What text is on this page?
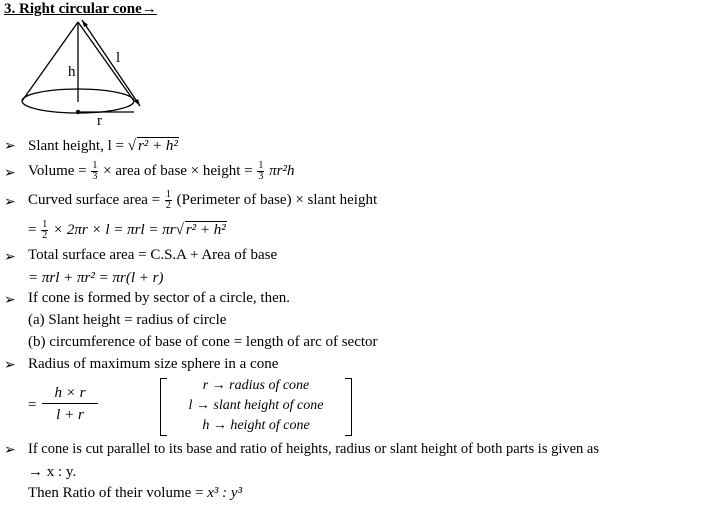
3. Right circular cone→
h
l
r
➢ Slant height, l = √ r² + h²
➢ Volume = $\frac{1}{3}$ × area of base × height = $\frac{1}{3} \pi r^2h$
➢ Curved surface area = $\frac{1}{2}$ (Perimeter of base) × slant height
= $\frac{1}{2} \times 2\pi r \times l = \pi rl = \pi r√$ r² + h²
➢ Total surface area = C.S.A + Area of base
= πrl + πr² = πr(l + r)
➢ If cone is formed by sector of a circle, then.
(a) Slant height = radius of circle
(b) circumference of base of cone = length of arc of sector
➢ Radius of maximum size sphere in a cone
=
$\frac{h \times r}{l + r}$
r → radius of cone
l → slant height of cone
h → height of cone
➢ If cone is cut parallel to its base and ratio of heights, radius or slant height of both parts is given as
→ x : y.
Then Ratio of their volume = x³ : y³
